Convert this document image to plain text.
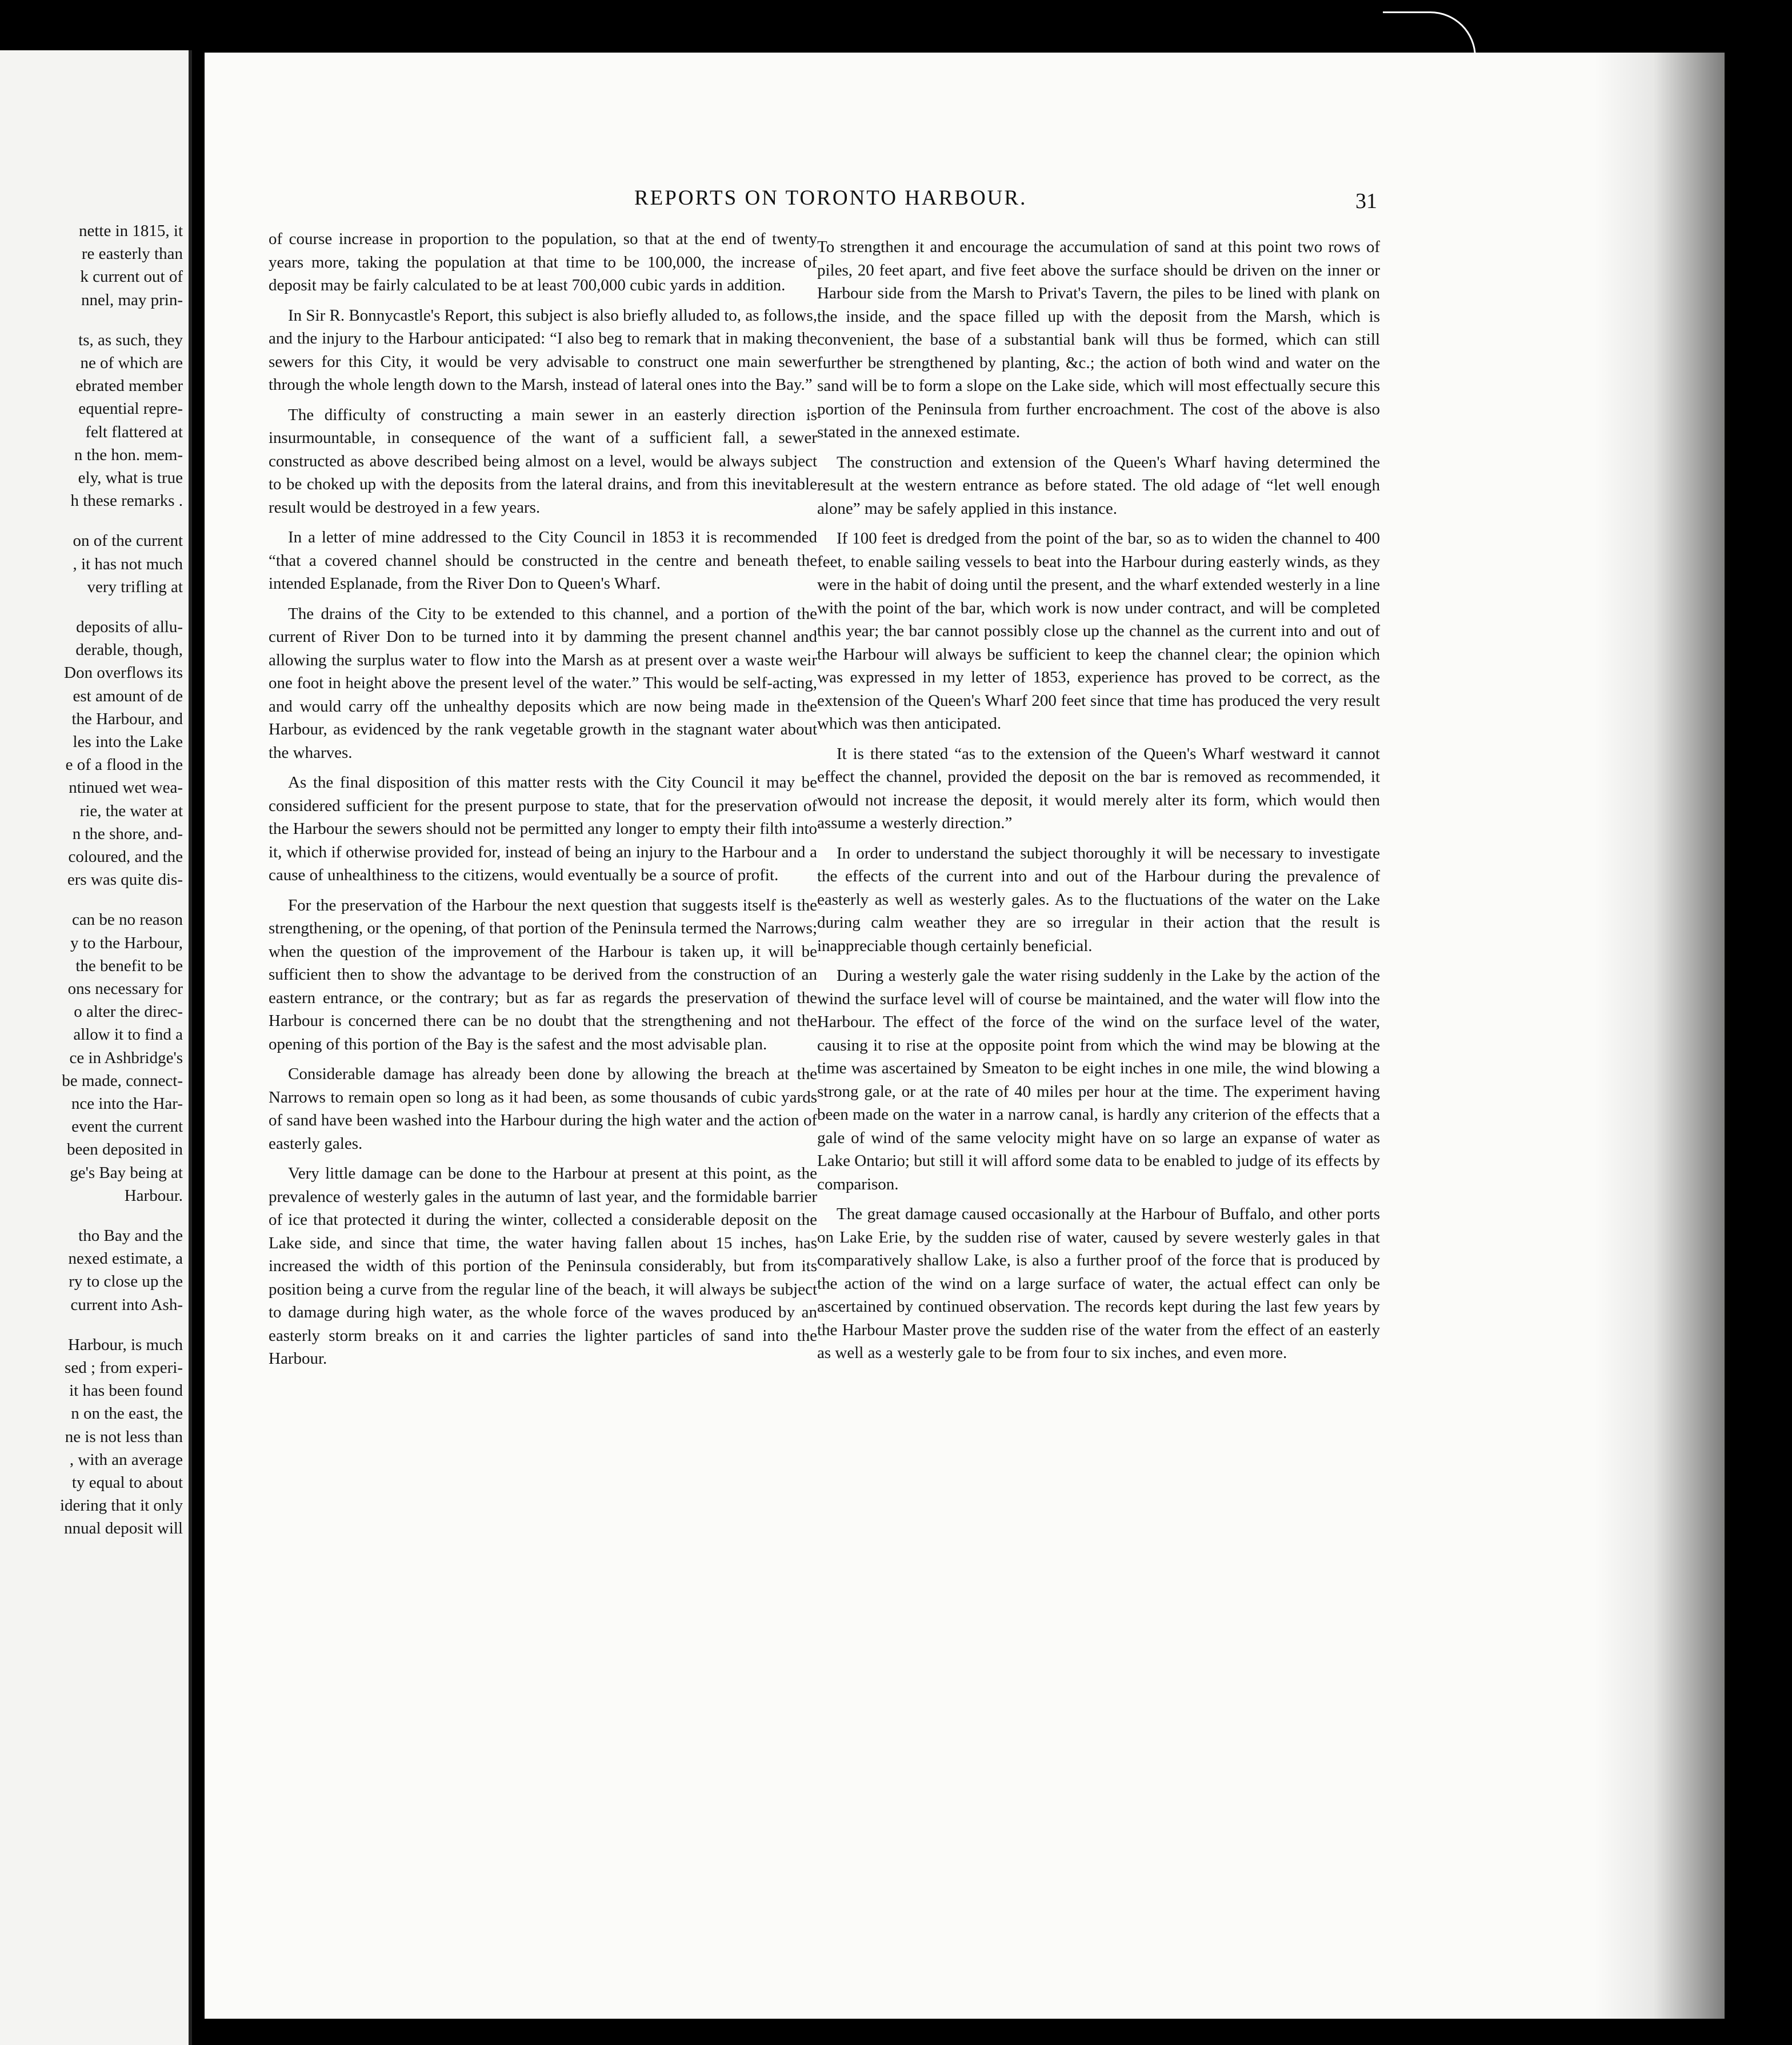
nette in 1815, it
re easterly than
k current out of
nnel, may prin-
ts, as such, they
ne of which are
ebrated member
equential repre-
felt flattered at
n the hon. mem-
ely, what is true
h these remarks .
on of the current
, it has not much
very trifling at
deposits of allu-
derable, though,
Don overflows its
est amount of de
the Harbour, and
les into the Lake
e of a flood in the
ntinued wet wea-
rie, the water at
n the shore, and-
coloured, and the
ers was quite dis-
can be no reason
y to the Harbour,
the benefit to be
ons necessary for
o alter the direc-
allow it to find a
ce in Ashbridge's
be made, connect-
nce into the Har-
event the current
been deposited in
ge's Bay being at
Harbour.
tho Bay and the
nexed estimate, a
ry to close up the
current into Ash-
Harbour, is much
sed ; from experi-
it has been found
n on the east, the
ne is not less than
, with an average
ty equal to about
idering that it only
nnual deposit will
REPORTS ON TORONTO HARBOUR.	31

of course increase in proportion to the population, so that at the end of twenty years more, taking the population at that time to be 100,000, the increase of deposit may be fairly calculated to be at least 700,000 cubic yards in addition.

In Sir R. Bonnycastle's Report, this subject is also briefly alluded to, as follows, and the injury to the Harbour anticipated: “I also beg to remark that in making the sewers for this City, it would be very advisable to construct one main sewer through the whole length down to the Marsh, instead of lateral ones into the Bay.”

The difficulty of constructing a main sewer in an easterly direction is insurmountable, in consequence of the want of a sufficient fall, a sewer constructed as above described being almost on a level, would be always subject to be choked up with the deposits from the lateral drains, and from this inevitable result would be destroyed in a few years.

In a letter of mine addressed to the City Council in 1853 it is recommended “that a covered channel should be constructed in the centre and beneath the intended Esplanade, from the River Don to Queen's Wharf.

The drains of the City to be extended to this channel, and a portion of the current of River Don to be turned into it by damming the present channel and allowing the surplus water to flow into the Marsh as at present over a waste weir one foot in height above the present level of the water.” This would be self-acting, and would carry off the unhealthy deposits which are now being made in the Harbour, as evidenced by the rank vegetable growth in the stagnant water about the wharves.

As the final disposition of this matter rests with the City Council it may be considered sufficient for the present purpose to state, that for the preservation of the Harbour the sewers should not be permitted any longer to empty their filth into it, which if otherwise provided for, instead of being an injury to the Harbour and a cause of unhealthiness to the citizens, would eventually be a source of profit.

For the preservation of the Harbour the next question that suggests itself is the strengthening, or the opening, of that portion of the Peninsula termed the Narrows; when the question of the improvement of the Harbour is taken up, it will be sufficient then to show the advantage to be derived from the construction of an eastern entrance, or the contrary; but as far as regards the preservation of the Harbour is concerned there can be no doubt that the strengthening and not the opening of this portion of the Bay is the safest and the most advisable plan.

Considerable damage has already been done by allowing the breach at the Narrows to remain open so long as it had been, as some thousands of cubic yards of sand have been washed into the Harbour during the high water and the action of easterly gales.

Very little damage can be done to the Harbour at present at this point, as the prevalence of westerly gales in the autumn of last year, and the formidable barrier of ice that protected it during the winter, collected a considerable deposit on the Lake side, and since that time, the water having fallen about 15 inches, has increased the width of this portion of the Peninsula considerably, but from its position being a curve from the regular line of the beach, it will always be subject to damage during high water, as the whole force of the waves produced by an easterly storm breaks on it and carries the lighter particles of sand into the Harbour.

To strengthen it and encourage the accumulation of sand at this point two rows of piles, 20 feet apart, and five feet above the surface should be driven on the inner or Harbour side from the Marsh to Privat's Tavern, the piles to be lined with plank on the inside, and the space filled up with the deposit from the Marsh, which is convenient, the base of a substantial bank will thus be formed, which can still further be strengthened by planting, &c.; the action of both wind and water on the sand will be to form a slope on the Lake side, which will most effectually secure this portion of the Peninsula from further encroachment. The cost of the above is also stated in the annexed estimate.

The construction and extension of the Queen's Wharf having determined the result at the western entrance as before stated. The old adage of “let well enough alone” may be safely applied in this instance.

If 100 feet is dredged from the point of the bar, so as to widen the channel to 400 feet, to enable sailing vessels to beat into the Harbour during easterly winds, as they were in the habit of doing until the present, and the wharf extended westerly in a line with the point of the bar, which work is now under contract, and will be completed this year; the bar cannot possibly close up the channel as the current into and out of the Harbour will always be sufficient to keep the channel clear; the opinion which was expressed in my letter of 1853, experience has proved to be correct, as the extension of the Queen's Wharf 200 feet since that time has produced the very result which was then anticipated.

It is there stated “as to the extension of the Queen's Wharf westward it cannot effect the channel, provided the deposit on the bar is removed as recommended, it would not increase the deposit, it would merely alter its form, which would then assume a westerly direction.”

In order to understand the subject thoroughly it will be necessary to investigate the effects of the current into and out of the Harbour during the prevalence of easterly as well as westerly gales. As to the fluctuations of the water on the Lake during calm weather they are so irregular in their action that the result is inappreciable though certainly beneficial.

During a westerly gale the water rising suddenly in the Lake by the action of the wind the surface level will of course be maintained, and the water will flow into the Harbour. The effect of the force of the wind on the surface level of the water, causing it to rise at the opposite point from which the wind may be blowing at the time was ascertained by Smeaton to be eight inches in one mile, the wind blowing a strong gale, or at the rate of 40 miles per hour at the time. The experiment having been made on the water in a narrow canal, is hardly any criterion of the effects that a gale of wind of the same velocity might have on so large an expanse of water as Lake Ontario; but still it will afford some data to be enabled to judge of its effects by comparison.

The great damage caused occasionally at the Harbour of Buffalo, and other ports on Lake Erie, by the sudden rise of water, caused by severe westerly gales in that comparatively shallow Lake, is also a further proof of the force that is produced by the action of the wind on a large surface of water, the actual effect can only be ascertained by continued observation. The records kept during the last few years by the Harbour Master prove the sudden rise of the water from the effect of an easterly as well as a westerly gale to be from four to six inches, and even more.
